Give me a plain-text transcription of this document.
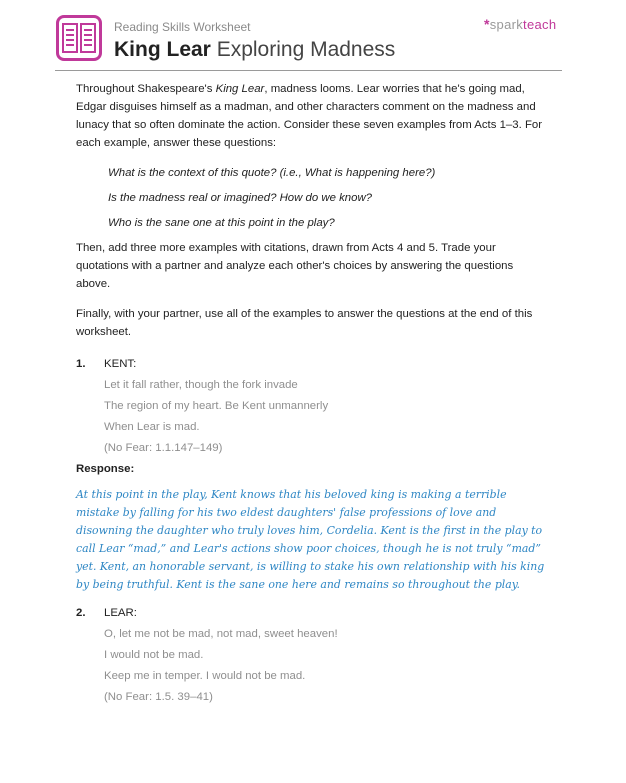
Reading Skills Worksheet
King Lear Exploring Madness
*sparkteach

Throughout Shakespeare's King Lear, madness looms. Lear worries that he's going mad, Edgar disguises himself as a madman, and other characters comment on the madness and lunacy that so often dominate the action. Consider these seven examples from Acts 1–3. For each example, answer these questions:

What is the context of this quote? (i.e., What is happening here?)
Is the madness real or imagined? How do we know?
Who is the sane one at this point in the play?

Then, add three more examples with citations, drawn from Acts 4 and 5. Trade your quotations with a partner and analyze each other's choices by answering the questions above.

Finally, with your partner, use all of the examples to answer the questions at the end of this worksheet.

1.	KENT:
Let it fall rather, though the fork invade
The region of my heart. Be Kent unmannerly
When Lear is mad.
(No Fear: 1.1.147–149)
Response:
At this point in the play, Kent knows that his beloved king is making a terrible mistake by falling for his two eldest daughters' false professions of love and disowning the daughter who truly loves him, Cordelia. Kent is the first in the play to call Lear “mad,” and Lear's actions show poor choices, though he is not truly “mad” yet. Kent, an honorable servant, is willing to stake his own relationship with his king by being truthful. Kent is the sane one here and remains so throughout the play.
2.	LEAR:
O, let me not be mad, not mad, sweet heaven!
I would not be mad.
Keep me in temper. I would not be mad.
(No Fear: 1.5. 39–41)
